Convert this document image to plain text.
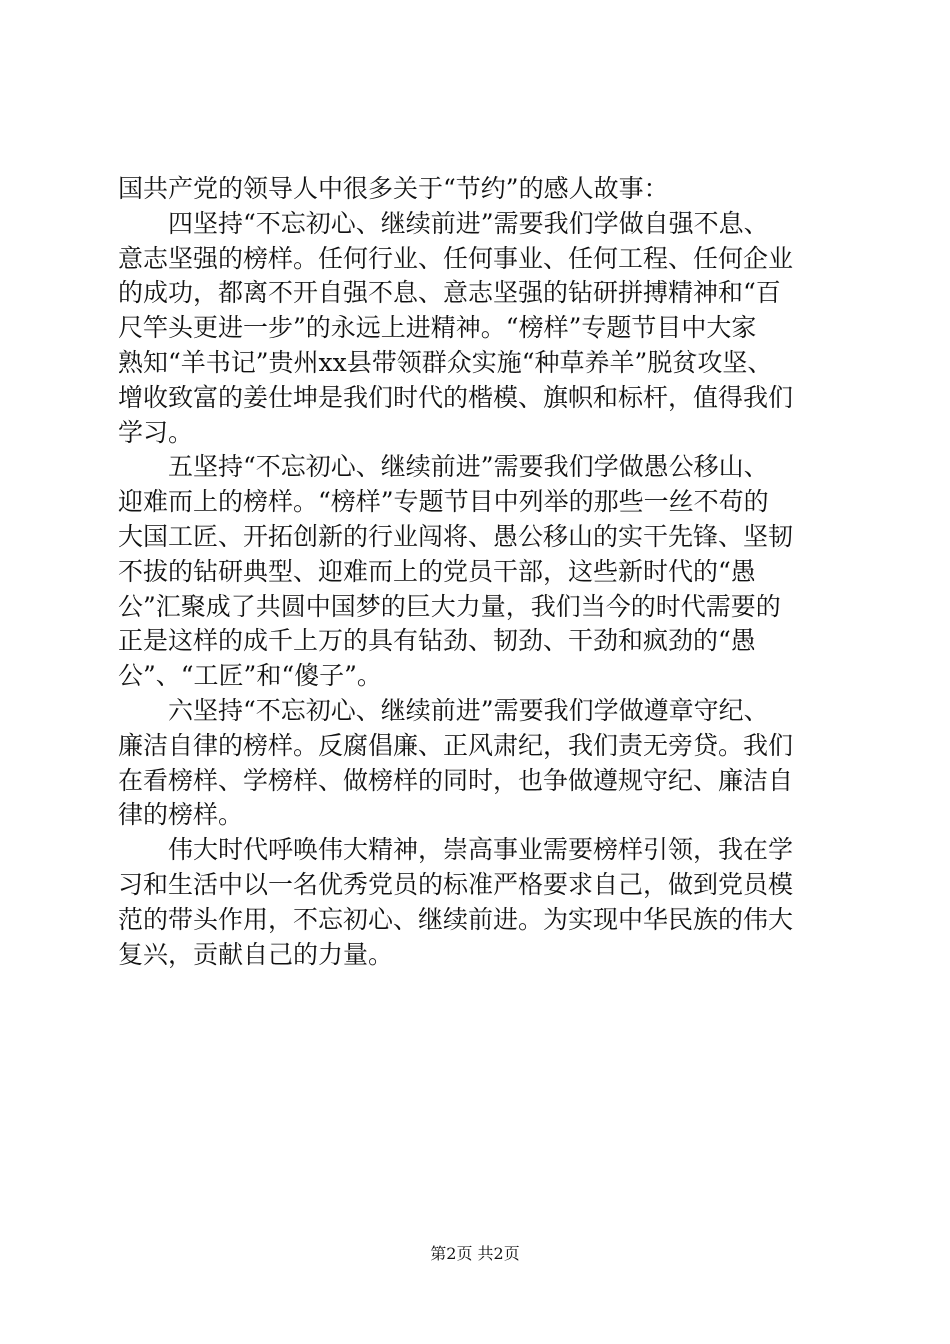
国共产党的领导人中很多关于“节约”的感人故事：
四坚持“不忘初心、继续前进”需要我们学做自强不息、
意志坚强的榜样。任何行业、任何事业、任何工程、任何企业
的成功，都离不开自强不息、意志坚强的钻研拼搏精神和“百
尺竿头更进一步”的永远上进精神。“榜样”专题节目中大家
熟知“羊书记”贵州xx县带领群众实施“种草养羊”脱贫攻坚、
增收致富的姜仕坤是我们时代的楷模、旗帜和标杆，值得我们
学习。
五坚持“不忘初心、继续前进”需要我们学做愚公移山、
迎难而上的榜样。“榜样”专题节目中列举的那些一丝不苟的
大国工匠、开拓创新的行业闯将、愚公移山的实干先锋、坚韧
不拔的钻研典型、迎难而上的党员干部，这些新时代的“愚
公”汇聚成了共圆中国梦的巨大力量，我们当今的时代需要的
正是这样的成千上万的具有钻劲、韧劲、干劲和疯劲的“愚
公”、“工匠”和“傻子”。
六坚持“不忘初心、继续前进”需要我们学做遵章守纪、
廉洁自律的榜样。反腐倡廉、正风肃纪，我们责无旁贷。我们
在看榜样、学榜样、做榜样的同时，也争做遵规守纪、廉洁自
律的榜样。
伟大时代呼唤伟大精神，崇高事业需要榜样引领，我在学
习和生活中以一名优秀党员的标准严格要求自己，做到党员模
范的带头作用，不忘初心、继续前进。为实现中华民族的伟大
复兴，贡献自己的力量。
第2页 共2页
